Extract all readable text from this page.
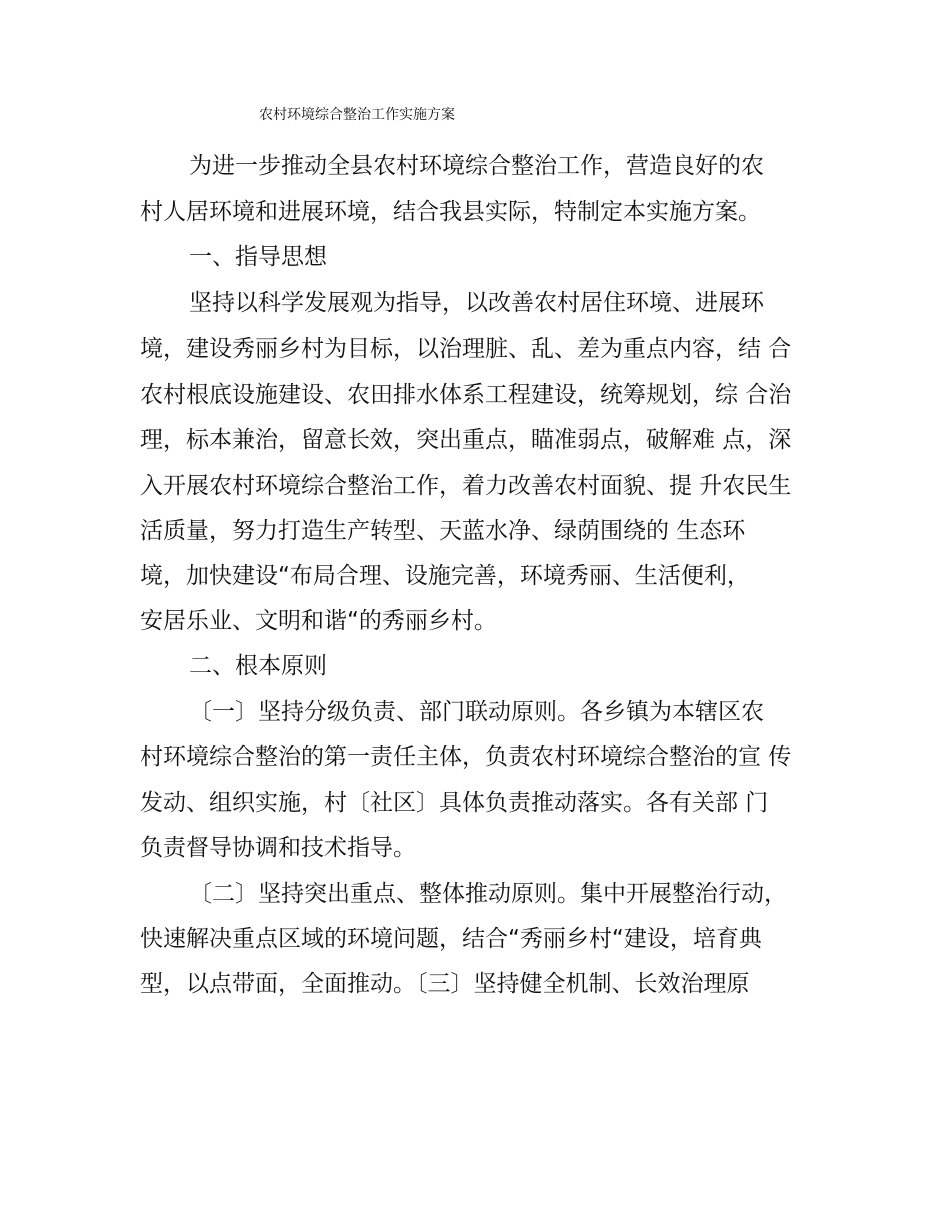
农村环境综合整治工作实施方案
为进一步推动全县农村环境综合整治工作，营造良好的农
村人居环境和进展环境，结合我县实际，特制定本实施方案。
一、指导思想
坚持以科学发展观为指导，以改善农村居住环境、进展环
境，建设秀丽乡村为目标，以治理脏、乱、差为重点内容，结 合
农村根底设施建设、农田排水体系工程建设，统筹规划，综 合治
理，标本兼治，留意长效，突出重点，瞄准弱点，破解难 点，深
入开展农村环境综合整治工作，着力改善农村面貌、提 升农民生
活质量，努力打造生产转型、天蓝水净、绿荫围绕的 生态环
境，加快建设“布局合理、设施完善，环境秀丽、生活便利，
安居乐业、文明和谐“的秀丽乡村。
二、根本原则
〔一〕坚持分级负责、部门联动原则。各乡镇为本辖区农
村环境综合整治的第一责任主体，负责农村环境综合整治的宣 传
发动、组织实施，村〔社区〕具体负责推动落实。各有关部 门
负责督导协调和技术指导。
〔二〕坚持突出重点、整体推动原则。集中开展整治行动，
快速解决重点区域的环境问题，结合“秀丽乡村“建设，培育典
型，以点带面，全面推动。〔三〕坚持健全机制、长效治理原
